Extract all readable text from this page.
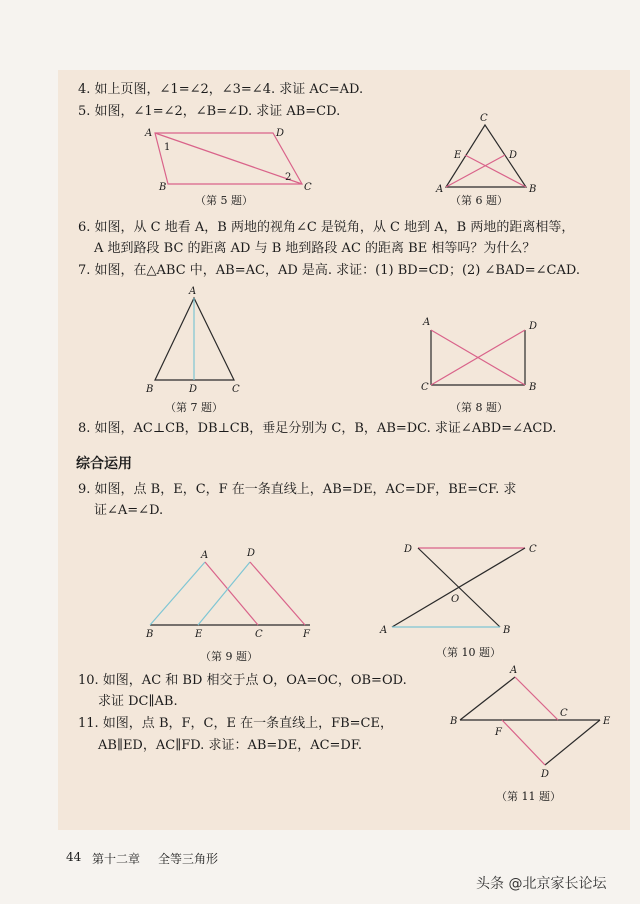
4. 如上页图，∠1=∠2，∠3=∠4. 求证 AC=AD.
5. 如图，∠1=∠2，∠B=∠D. 求证 AB=CD.
6. 如图，从 C 地看 A，B 两地的视角∠C 是锐角，从 C 地到 A，B 两地的距离相等，
A 地到路段 BC 的距离 AD 与 B 地到路段 AC 的距离 BE 相等吗？为什么？
7. 如图，在△ABC 中，AB=AC，AD 是高. 求证：(1) BD=CD；(2) ∠BAD=∠CAD.
8. 如图，AC⊥CB，DB⊥CB，垂足分别为 C，B，AB=DC. 求证∠ABD=∠ACD.
综合运用
9. 如图，点 B，E，C，F 在一条直线上，AB=DE，AC=DF，BE=CF. 求
证∠A=∠D.
10. 如图，AC 和 BD 相交于点 O，OA=OC，OB=OD.
求证 DC∥AB.
11. 如图，点 B，F，C，E 在一条直线上，FB=CE，
AB∥ED，AC∥FD. 求证：AB=DE，AC=DF.
（第 5 题）	（第 6 题）
（第 7 题）	（第 8 题）
（第 9 题）	（第 10 题）
（第 11 题）
A	D
B	C
1
2
C
E	D
A	B
A
B	D	C
A	D
C	B
A	D
B	E	C	F
D	C
O
A	B
A
C
B	E
F
D
44 第十二章 全等三角形
头条 @北京家长论坛
